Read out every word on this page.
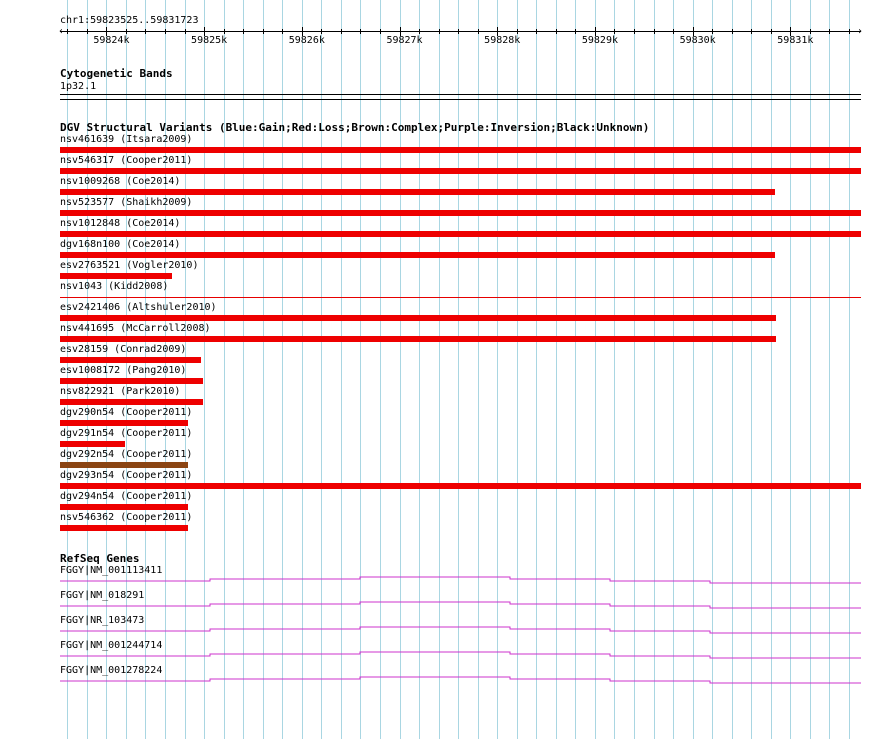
chr1:59823525..59831723
‹	›
59824k	59825k	59826k	59827k	59828k	59829k	59830k	59831k
Cytogenetic Bands
1p32.1
DGV Structural Variants (Blue:Gain;Red:Loss;Brown:Complex;Purple:Inversion;Black:Unknown)
nsv461639 (Itsara2009)
nsv546317 (Cooper2011)
nsv1009268 (Coe2014)
nsv523577 (Shaikh2009)
nsv1012848 (Coe2014)
dgv168n100 (Coe2014)
esv2763521 (Vogler2010)
nsv1043 (Kidd2008)
esv2421406 (Altshuler2010)
nsv441695 (McCarroll2008)
esv28159 (Conrad2009)
esv1008172 (Pang2010)
nsv822921 (Park2010)
dgv290n54 (Cooper2011)
dgv291n54 (Cooper2011)
dgv292n54 (Cooper2011)
dgv293n54 (Cooper2011)
dgv294n54 (Cooper2011)
nsv546362 (Cooper2011)
RefSeq Genes
FGGY|NM_001113411
FGGY|NM_018291
FGGY|NR_103473
FGGY|NM_001244714
FGGY|NM_001278224
